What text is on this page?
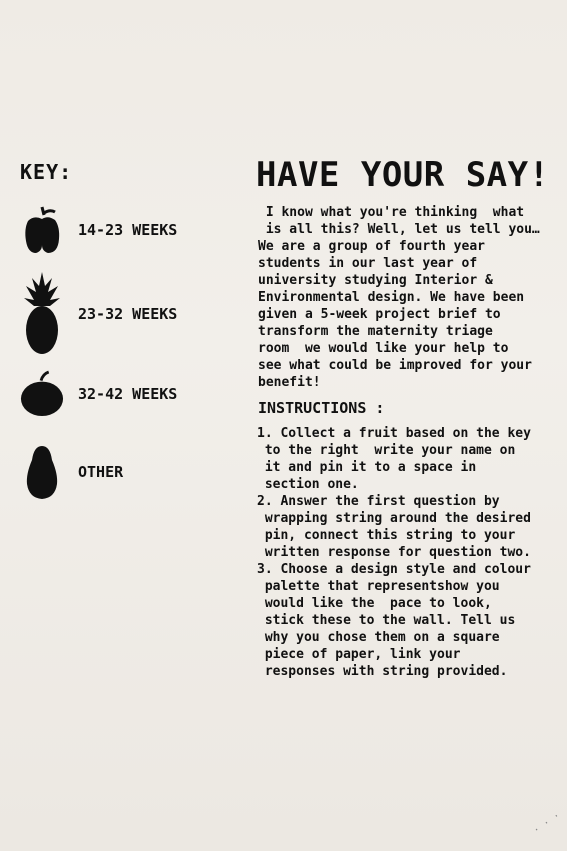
KEY:
14-23 WEEKS
23-32 WEEKS
32-42 WEEKS
OTHER
HAVE YOUR SAY!
I know what you're thinking  what
is all this? Well, let us tell you…
We are a group of fourth year
students in our last year of
university studying Interior &
Environmental design. We have been
given a 5-week project brief to
transform the maternity triage
room  we would like your help to
see what could be improved for your
benefit!
INSTRUCTIONS :
1. Collect a fruit based on the key
to the right  write your name on
it and pin it to a space in
section one.
2. Answer the first question by
wrapping string around the desired
pin, connect this string to your
written response for question two.
3. Choose a design style and colour
palette that representshow you
would like the  pace to look,
stick these to the wall. Tell us
why you chose them on a square
piece of paper, link your
responses with string provided.
· · ·
